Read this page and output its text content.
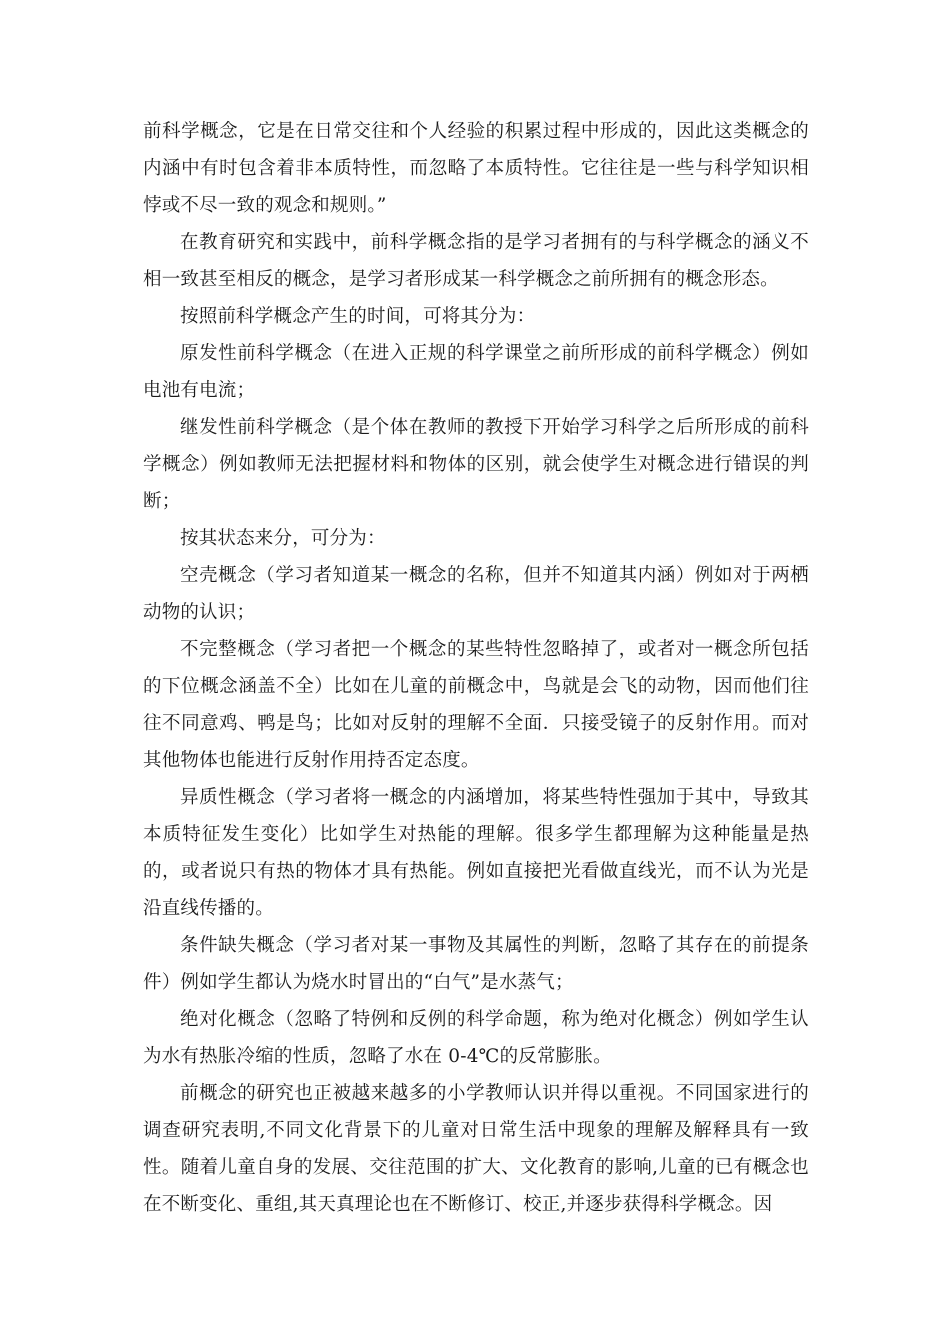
前科学概念，它是在日常交往和个人经验的积累过程中形成的，因此这类概念的内涵中有时包含着非本质特性，而忽略了本质特性。它往往是一些与科学知识相悖或不尽一致的观念和规则。”

在教育研究和实践中，前科学概念指的是学习者拥有的与科学概念的涵义不相一致甚至相反的概念，是学习者形成某一科学概念之前所拥有的概念形态。

按照前科学概念产生的时间，可将其分为：

原发性前科学概念（在进入正规的科学课堂之前所形成的前科学概念）例如电池有电流；

继发性前科学概念（是个体在教师的教授下开始学习科学之后所形成的前科学概念）例如教师无法把握材料和物体的区别，就会使学生对概念进行错误的判断；

按其状态来分，可分为：

空壳概念（学习者知道某一概念的名称，但并不知道其内涵）例如对于两栖动物的认识；

不完整概念（学习者把一个概念的某些特性忽略掉了，或者对一概念所包括的下位概念涵盖不全）比如在儿童的前概念中，鸟就是会飞的动物，因而他们往往不同意鸡、鸭是鸟；比如对反射的理解不全面．只接受镜子的反射作用。而对其他物体也能进行反射作用持否定态度。

异质性概念（学习者将一概念的内涵增加，将某些特性强加于其中，导致其本质特征发生变化）比如学生对热能的理解。很多学生都理解为这种能量是热的，或者说只有热的物体才具有热能。例如直接把光看做直线光，而不认为光是沿直线传播的。

条件缺失概念（学习者对某一事物及其属性的判断，忽略了其存在的前提条件）例如学生都认为烧水时冒出的“白气”是水蒸气；

绝对化概念（忽略了特例和反例的科学命题，称为绝对化概念）例如学生认为水有热胀冷缩的性质，忽略了水在 0-4℃的反常膨胀。

前概念的研究也正被越来越多的小学教师认识并得以重视。不同国家进行的调查研究表明,不同文化背景下的儿童对日常生活中现象的理解及解释具有一致性。随着儿童自身的发展、交往范围的扩大、文化教育的影响,儿童的已有概念也在不断变化、重组,其天真理论也在不断修订、校正,并逐步获得科学概念。因
